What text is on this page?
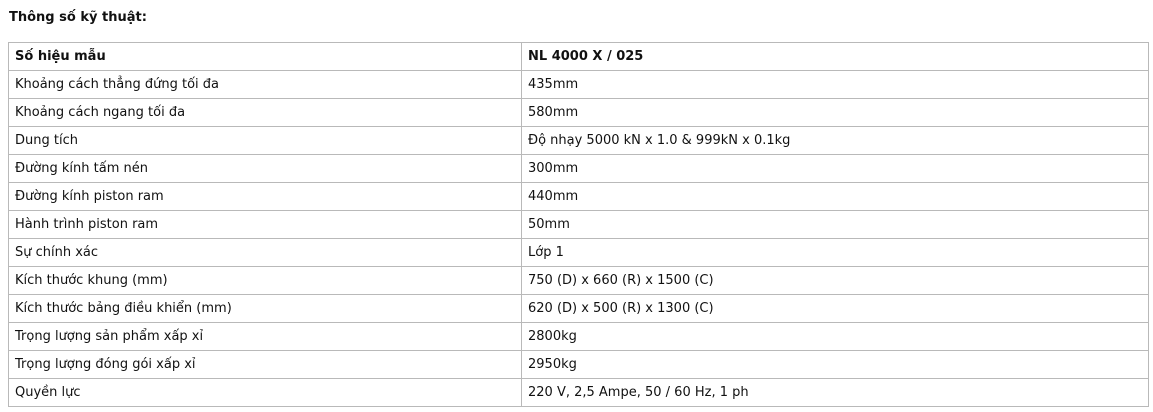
Thông số kỹ thuật:
Số hiệu mẫu	NL 4000 X / 025
Khoảng cách thẳng đứng tối đa	435mm
Khoảng cách ngang tối đa	580mm
Dung tích	Độ nhạy 5000 kN x 1.0 & 999kN x 0.1kg
Đường kính tấm nén	300mm
Đường kính piston ram	440mm
Hành trình piston ram	50mm
Sự chính xác	Lớp 1
Kích thước khung (mm)	750 (D) x 660 (R) x 1500 (C)
Kích thước bảng điều khiển (mm)	620 (D) x 500 (R) x 1300 (C)
Trọng lượng sản phẩm xấp xỉ	2800kg
Trọng lượng đóng gói xấp xỉ	2950kg
Quyền lực	220 V, 2,5 Ampe, 50 / 60 Hz, 1 ph
